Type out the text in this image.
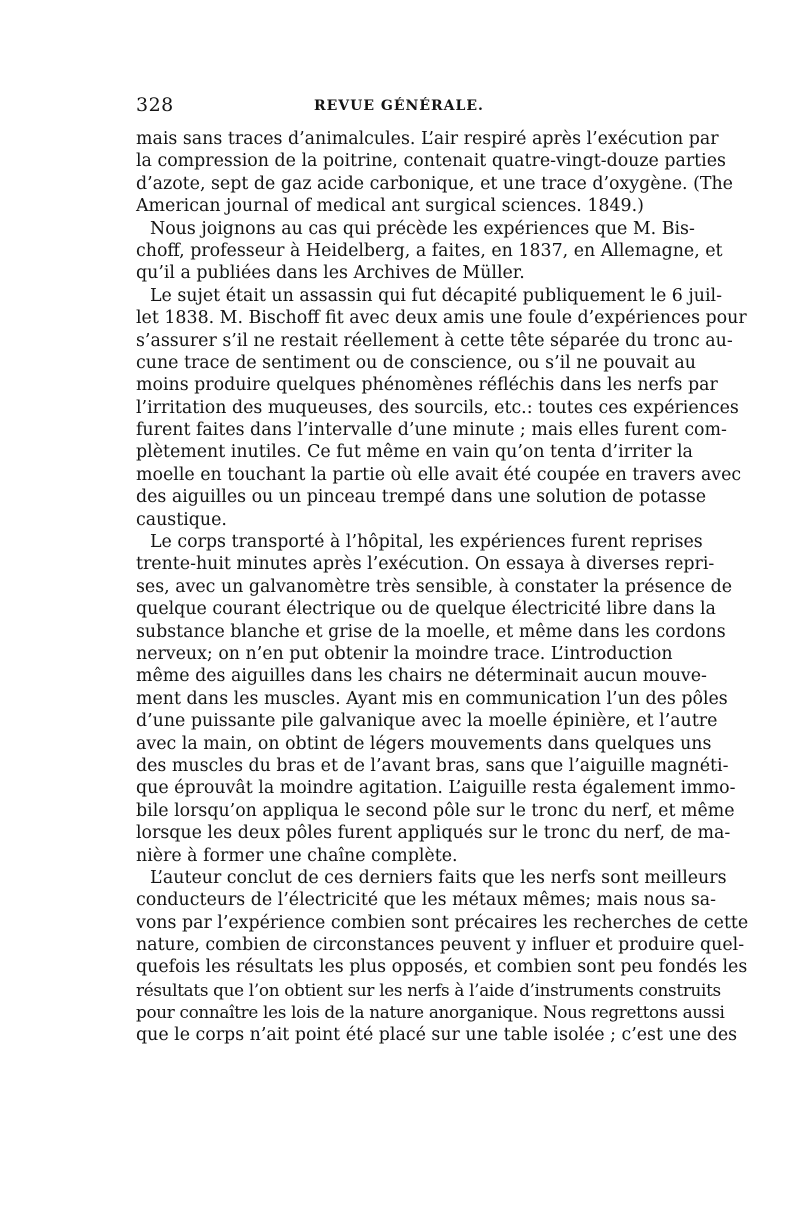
328	REVUE GÉNÉRALE.
mais sans traces d’animalcules. L’air respiré après l’exécution par
la compression de la poitrine, contenait quatre-vingt-douze parties
d’azote, sept de gaz acide carbonique, et une trace d’oxygène. (The
American journal of medical ant surgical sciences. 1849.)
Nous joignons au cas qui précède les expériences que M. Bis-
choff, professeur à Heidelberg, a faites, en 1837, en Allemagne, et
qu’il a publiées dans les Archives de Müller.
Le sujet était un assassin qui fut décapité publiquement le 6 juil-
let 1838. M. Bischoff fit avec deux amis une foule d’expériences pour
s’assurer s’il ne restait réellement à cette tête séparée du tronc au-
cune trace de sentiment ou de conscience, ou s’il ne pouvait au
moins produire quelques phénomènes réfléchis dans les nerfs par
l’irritation des muqueuses, des sourcils, etc.: toutes ces expériences
furent faites dans l’intervalle d’une minute ; mais elles furent com-
plètement inutiles. Ce fut même en vain qu’on tenta d’irriter la
moelle en touchant la partie où elle avait été coupée en travers avec
des aiguilles ou un pinceau trempé dans une solution de potasse
caustique.
Le corps transporté à l’hôpital, les expériences furent reprises
trente-huit minutes après l’exécution. On essaya à diverses repri-
ses, avec un galvanomètre très sensible, à constater la présence de
quelque courant électrique ou de quelque électricité libre dans la
substance blanche et grise de la moelle, et même dans les cordons
nerveux; on n’en put obtenir la moindre trace. L’introduction
même des aiguilles dans les chairs ne déterminait aucun mouve-
ment dans les muscles. Ayant mis en communication l’un des pôles
d’une puissante pile galvanique avec la moelle épinière, et l’autre
avec la main, on obtint de légers mouvements dans quelques uns
des muscles du bras et de l’avant bras, sans que l’aiguille magnéti-
que éprouvât la moindre agitation. L’aiguille resta également immo-
bile lorsqu’on appliqua le second pôle sur le tronc du nerf, et même
lorsque les deux pôles furent appliqués sur le tronc du nerf, de ma-
nière à former une chaîne complète.
L’auteur conclut de ces derniers faits que les nerfs sont meilleurs
conducteurs de l’électricité que les métaux mêmes; mais nous sa-
vons par l’expérience combien sont précaires les recherches de cette
nature, combien de circonstances peuvent y influer et produire quel-
quefois les résultats les plus opposés, et combien sont peu fondés les
résultats que l’on obtient sur les nerfs à l’aide d’instruments construits
pour connaître les lois de la nature anorganique. Nous regrettons aussi
que le corps n’ait point été placé sur une table isolée ; c’est une des
